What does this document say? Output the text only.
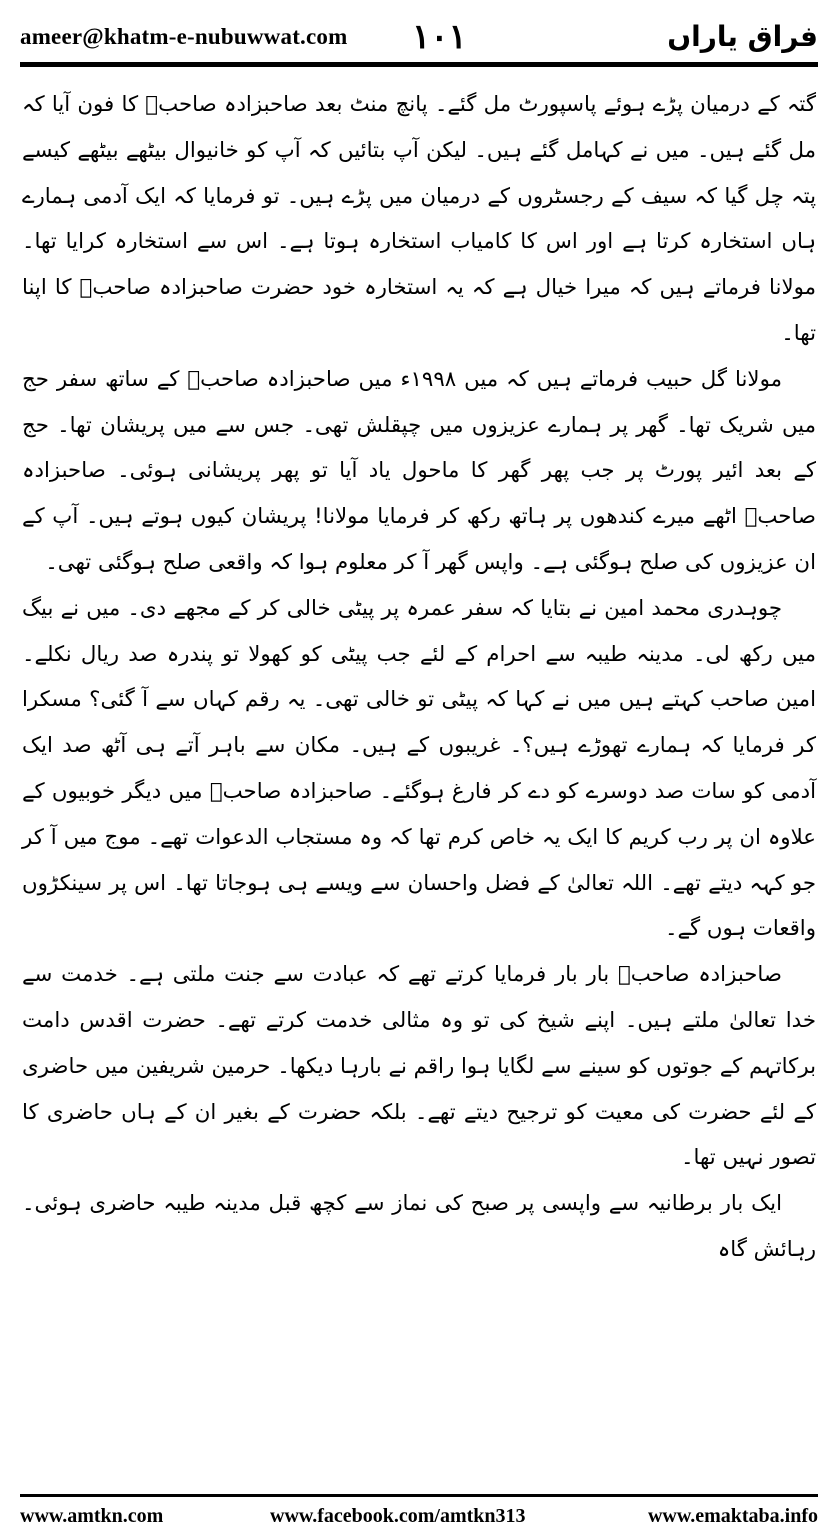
ameer@khatm-e-nubuwwat.com ۱۰۱	فراق یاراں

گتہ کے درمیان پڑے ہوئے پاسپورٹ مل گئے۔ پانچ منٹ بعد صاحبزادہ صاحبؒ کا فون آیا کہ مل گئے ہیں۔ میں نے کہامل گئے ہیں۔ لیکن آپ بتائیں کہ آپ کو خانیوال بیٹھے بیٹھے کیسے پتہ چل گیا کہ سیف کے رجسٹروں کے درمیان میں پڑے ہیں۔ تو فرمایا کہ ایک آدمی ہمارے ہاں استخارہ کرتا ہے اور اس کا کامیاب استخارہ ہوتا ہے۔ اس سے استخارہ کرایا تھا۔ مولانا فرماتے ہیں کہ میرا خیال ہے کہ یہ استخارہ خود حضرت صاحبزادہ صاحبؒ کا اپنا تھا۔

مولانا گل حبیب فرماتے ہیں کہ میں ۱۹۹۸ء میں صاحبزادہ صاحبؒ کے ساتھ سفر حج میں شریک تھا۔ گھر پر ہمارے عزیزوں میں چپقلش تھی۔ جس سے میں پریشان تھا۔ حج کے بعد ائیر پورٹ پر جب پھر گھر کا ماحول یاد آیا تو پھر پریشانی ہوئی۔ صاحبزادہ صاحبؒ اٹھے میرے کندھوں پر ہاتھ رکھ کر فرمایا مولانا! پریشان کیوں ہوتے ہیں۔ آپ کے ان عزیزوں کی صلح ہوگئی ہے۔ واپس گھر آ کر معلوم ہوا کہ واقعی صلح ہوگئی تھی۔

چوہدری محمد امین نے بتایا کہ سفر عمرہ پر پیٹی خالی کر کے مجھے دی۔ میں نے بیگ میں رکھ لی۔ مدینہ طیبہ سے احرام کے لئے جب پیٹی کو کھولا تو پندرہ صد ریال نکلے۔ امین صاحب کہتے ہیں میں نے کہا کہ پیٹی تو خالی تھی۔ یہ رقم کہاں سے آ گئی؟ مسکرا کر فرمایا کہ ہمارے تھوڑے ہیں؟۔ غریبوں کے ہیں۔ مکان سے باہر آتے ہی آٹھ صد ایک آدمی کو سات صد دوسرے کو دے کر فارغ ہوگئے۔ صاحبزادہ صاحبؒ میں دیگر خوبیوں کے علاوہ ان پر رب کریم کا ایک یہ خاص کرم تھا کہ وہ مستجاب الدعوات تھے۔ موج میں آ کر جو کہہ دیتے تھے۔ اللہ تعالیٰ کے فضل واحسان سے ویسے ہی ہوجاتا تھا۔ اس پر سینکڑوں واقعات ہوں گے۔

صاحبزادہ صاحبؒ بار بار فرمایا کرتے تھے کہ عبادت سے جنت ملتی ہے۔ خدمت سے خدا تعالیٰ ملتے ہیں۔ اپنے شیخ کی تو وہ مثالی خدمت کرتے تھے۔ حضرت اقدس دامت برکاتہم کے جوتوں کو سینے سے لگایا ہوا راقم نے بارہا دیکھا۔ حرمین شریفین میں حاضری کے لئے حضرت کی معیت کو ترجیح دیتے تھے۔ بلکہ حضرت کے بغیر ان کے ہاں حاضری کا تصور نہیں تھا۔

ایک بار برطانیہ سے واپسی پر صبح کی نماز سے کچھ قبل مدینہ طیبہ حاضری ہوئی۔ رہائش گاہ

www.amtkn.com	www.facebook.com/amtkn313	www.emaktaba.info
